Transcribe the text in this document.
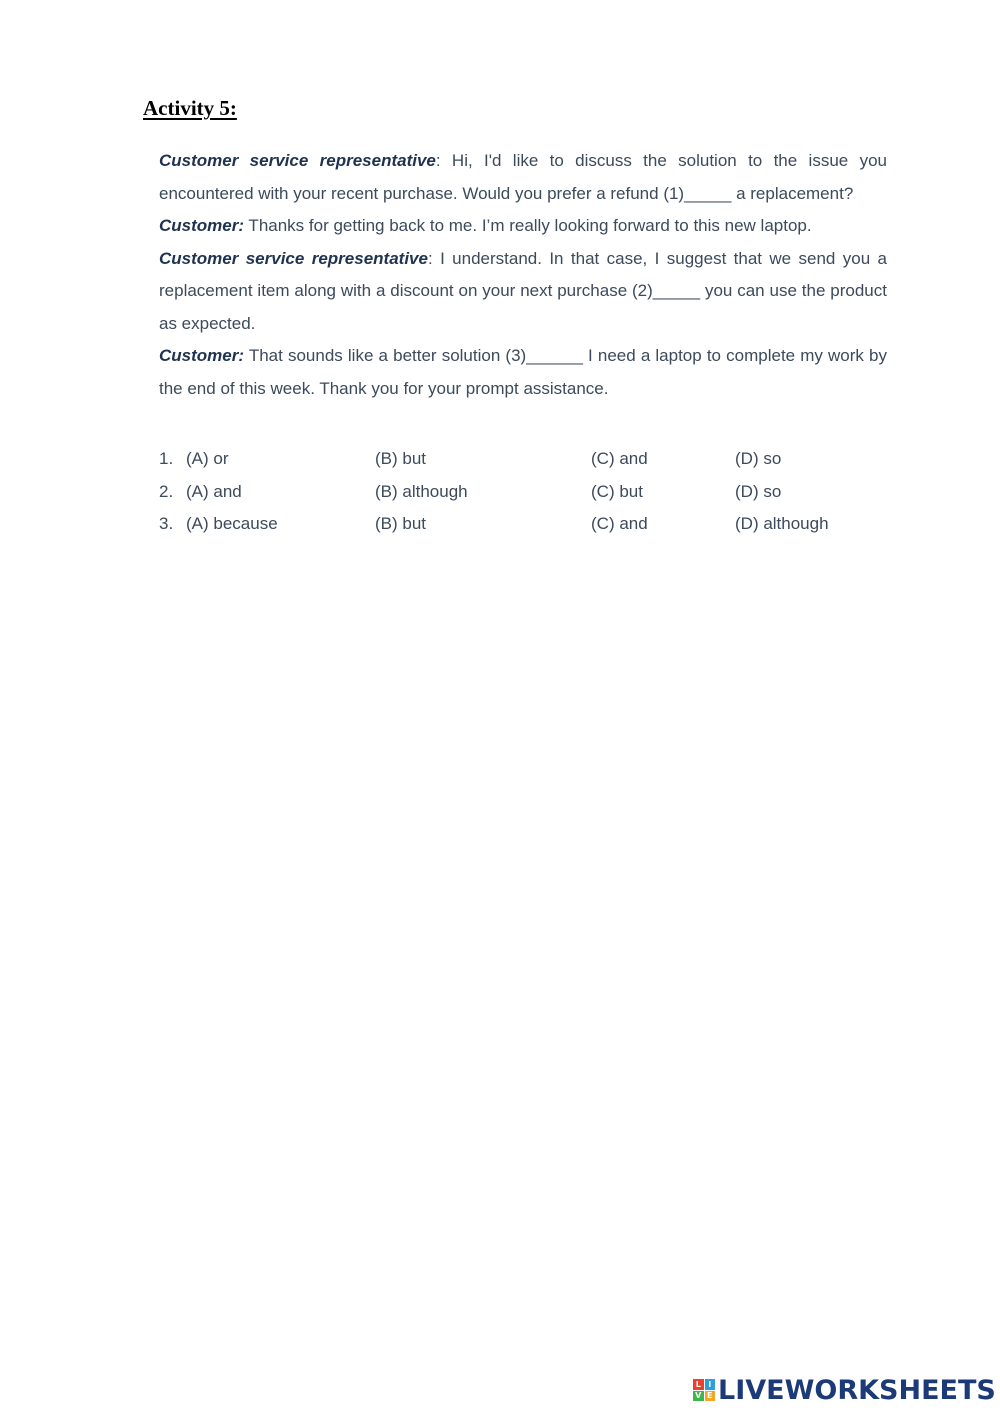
Activity 5:

Customer service representative: Hi, I'd like to discuss the solution to the issue you encountered with your recent purchase. Would you prefer a refund (1)_____ a replacement?

Customer: Thanks for getting back to me. I’m really looking forward to this new laptop.

Customer service representative: I understand. In that case, I suggest that we send you a replacement item along with a discount on your next purchase (2)_____ you can use the product as expected.

Customer: That sounds like a better solution (3)______ I need a laptop to complete my work by the end of this week. Thank you for your prompt assistance.

1. (A) or	(B) but	(C) and	(D) so
2. (A) and	(B) although	(C) but	(D) so
3. (A) because	(B) but	(C) and	(D) although
L I
V E LIVEWORKSHEETS
